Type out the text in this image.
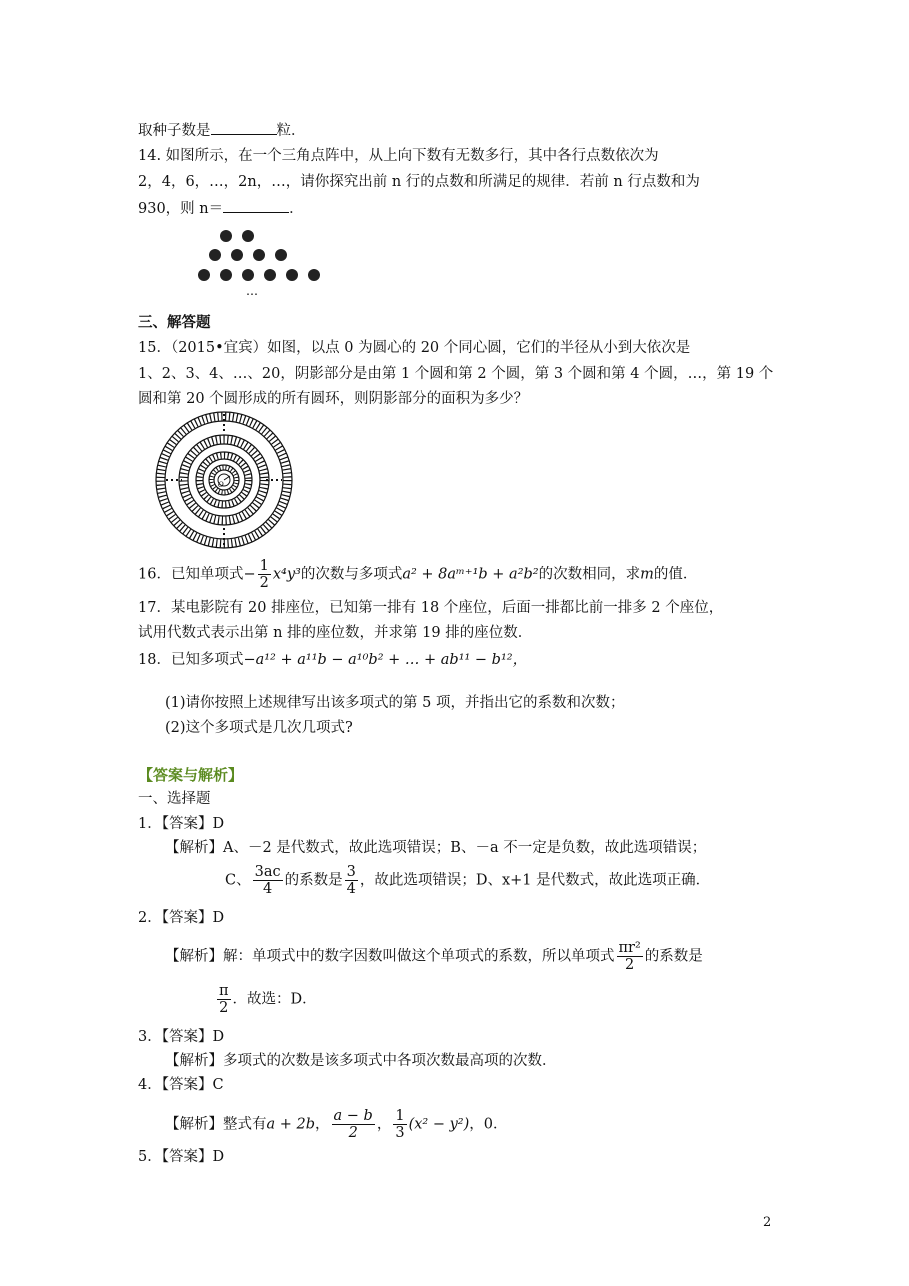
取种子数是	粒．
14. 如图所示，在一个三角点阵中，从上向下数有无数多行，其中各行点数依次为
2，4，6，…，2n，…，请你探究出前 n 行的点数和所满足的规律．若前 n 行点数和为
930，则 n＝	．
…
三、解答题
15．（2015•宜宾）如图，以点 0 为圆心的 20 个同心圆，它们的半径从小到大依次是
1、2、3、4、…、20，阴影部分是由第 1 个圆和第 2 个圆，第 3 个圆和第 4 个圆，…，第 19 个
圆和第 20 个圆形成的所有圆环，则阴影部分的面积为多少？
O
16．已知单项式− $\frac{1}{2} x^4y^3$的次数与多项式a² + 8aᵐ⁺¹b + a²b²的次数相同，求m的值．
17．某电影院有 20 排座位，已知第一排有 18 个座位，后面一排都比前一排多 2 个座位，
试用代数式表示出第 n 排的座位数，并求第 19 排的座位数．
18．已知多项式−a¹² + a¹¹b − a¹⁰b² + … + ab¹¹ − b¹²，
(1)请你按照上述规律写出该多项式的第 5 项，并指出它的系数和次数；
(2)这个多项式是几次几项式?
【答案与解析】
一、选择题
1．【答案】D
【解析】A、－2 是代数式，故此选项错误；B、－a 不一定是负数，故此选项错误；
C、 $\frac{3ac}{4}$ 的系数是 $\frac{3}{4}$ ，故此选项错误；D、x+1 是代数式，故此选项正确．
2．【答案】D
【解析】解：单项式中的数字因数叫做这个单项式的系数，所以单项式 $\frac{\text{πr²}}{2}$ 的系数是
$\frac{\pi}{2}$ ．故选：D．
3．【答案】D
【解析】多项式的次数是该多项式中各项次数最高项的次数．
4．【答案】C
【解析】整式有a + 2b， $\frac{a - b}{2}$ ， $\frac{1}{3} (x^2 - y^2)$，0．
5．【答案】D
2
